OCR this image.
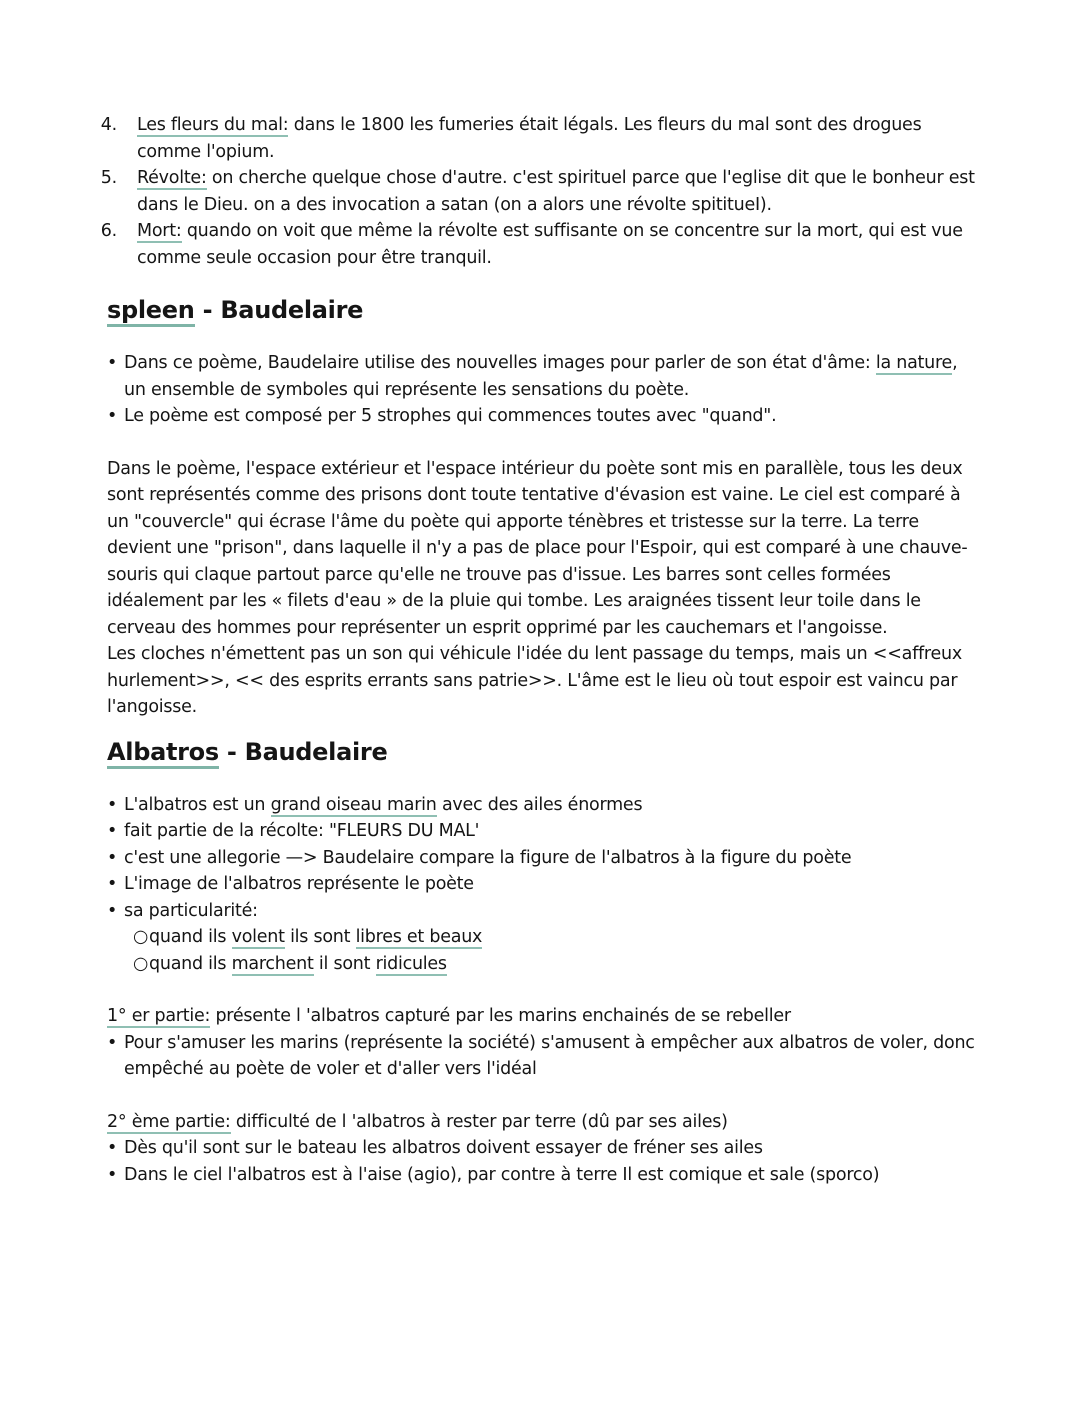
4.	Les fleurs du mal: dans le 1800 les fumeries était légals. Les fleurs du mal sont des drogues comme l'opium.
5.	Révolte: on cherche quelque chose d'autre. c'est spirituel parce que l'eglise dit que le bonheur est dans le Dieu. on a des invocation a satan (on a alors une révolte spititueI).
6.	Mort: quando on voit que même la révolte est suffisante on se concentre sur la mort, qui est vue comme seule occasion pour être tranquil.
spleen - Baudelaire
• Dans ce poème, Baudelaire utilise des nouvelles images pour parler de son état d'âme: la nature, un ensemble de symboles qui représente les sensations du poète.
• Le poème est composé per 5 strophes qui commences toutes avec "quand".

Dans le poème, l'espace extérieur et l'espace intérieur du poète sont mis en parallèle, tous les deux sont représentés comme des prisons dont toute tentative d'évasion est vaine. Le ciel est comparé à un "couvercle" qui écrase l'âme du poète qui apporte ténèbres et tristesse sur la terre. La terre devient une "prison", dans laquelle il n'y a pas de place pour l'Espoir, qui est comparé à une chauve-souris qui claque partout parce qu'elle ne trouve pas d'issue. Les barres sont celles formées idéalement par les « filets d'eau » de la pluie qui tombe. Les araignées tissent leur toile dans le cerveau des hommes pour représenter un esprit opprimé par les cauchemars et l'angoisse.

Les cloches n'émettent pas un son qui véhicule l'idée du lent passage du temps, mais un <<affreux hurlement>>, << des esprits errants sans patrie>>. L'âme est le lieu où tout espoir est vaincu par l'angoisse.

Albatros - Baudelaire
• L'albatros est un grand oiseau marin avec des ailes énormes
• fait partie de la récolte: "FLEURS DU MAL'
• c'est une allegorie —> Baudelaire compare la figure de l'albatros à la figure du poète
• L'image de l'albatros représente le poète
• sa particularité:
○ quand ils volent ils sont libres et beaux
○ quand ils marchent il sont ridicules

1° er partie: présente l 'albatros capturé par les marins enchainés de se rebeller

• Pour s'amuser les marins (représente la société) s'amusent à empêcher aux albatros de voler, donc empêché au poète de voler et d'aller vers l'idéal

2° ème partie: difficulté de l 'albatros à rester par terre (dû par ses ailes)

• Dès qu'il sont sur le bateau les albatros doivent essayer de fréner ses ailes
• Dans le ciel l'albatros est à l'aise (agio), par contre à terre Il est comique et sale (sporco)
